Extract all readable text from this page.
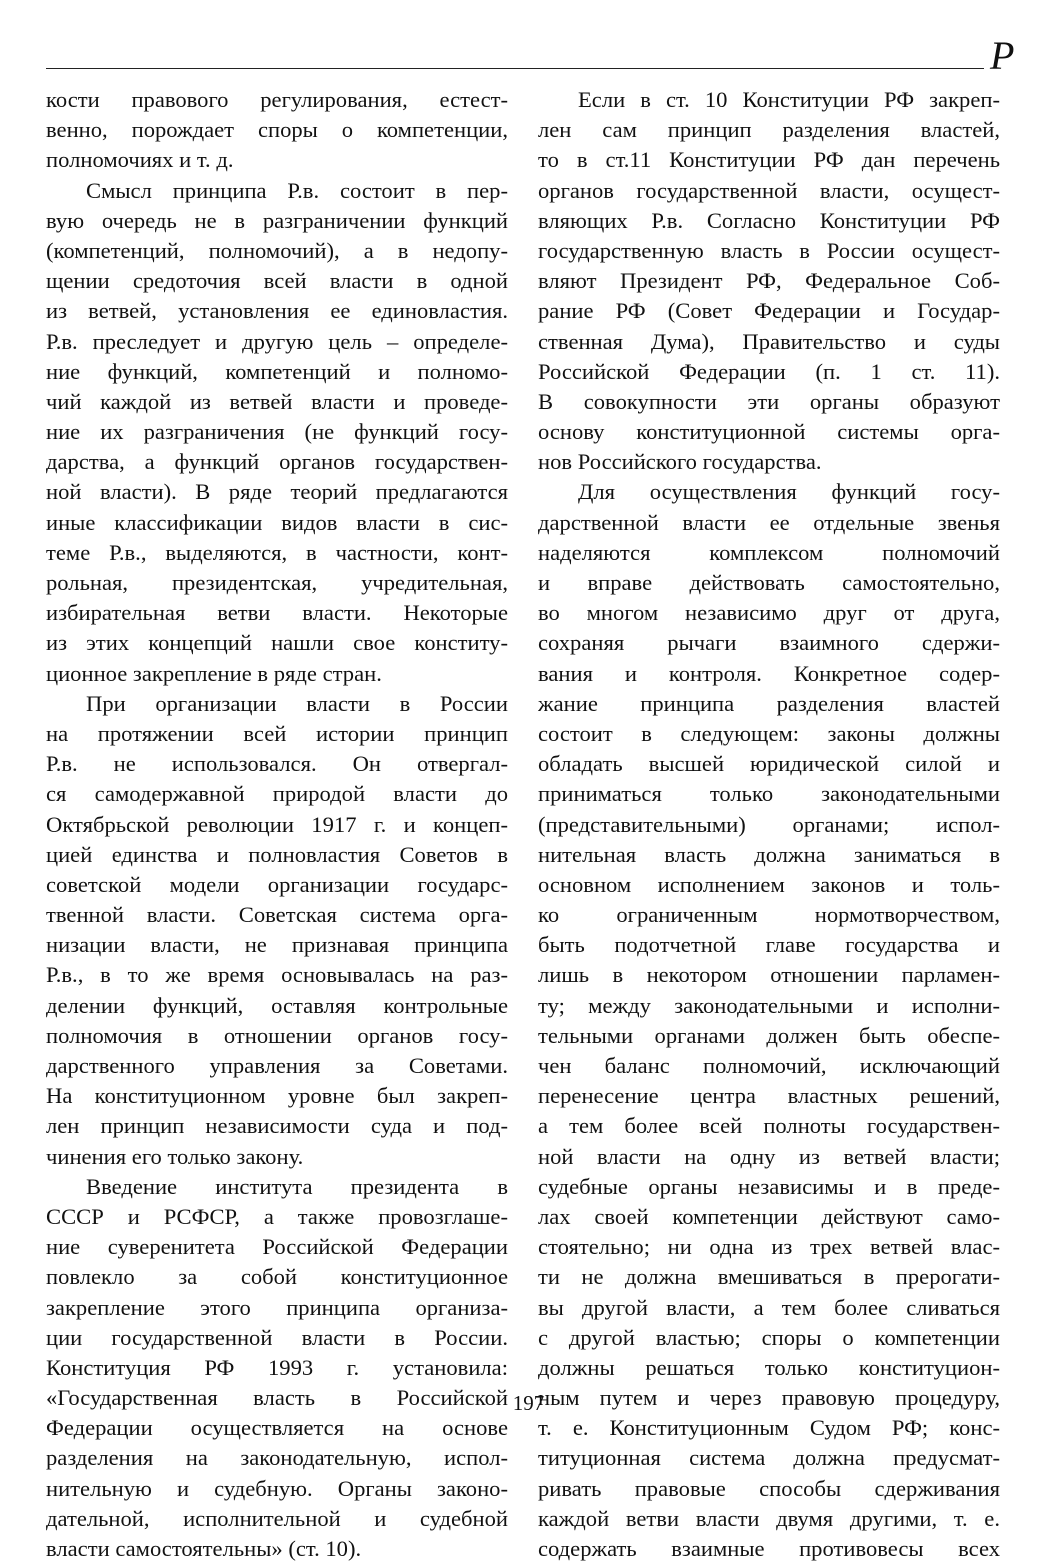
Р
кости правового регулирования, естест-
венно, порождает споры о компетенции,
полномочиях и т. д.
Смысл принципа Р.в. состоит в пер-
вую очередь не в разграничении функций
(компетенций, полномочий), а в недопу-
щении средоточия всей власти в одной
из ветвей, установления ее единовластия.
Р.в. преследует и другую цель – определе-
ние функций, компетенций и полномо-
чий каждой из ветвей власти и проведе-
ние их разграничения (не функций госу-
дарства, а функций органов государствен-
ной власти). В ряде теорий предлагаются
иные классификации видов власти в сис-
теме Р.в., выделяются, в частности, конт-
рольная, президентская, учредительная,
избирательная ветви власти. Некоторые
из этих концепций нашли свое конститу-
ционное закрепление в ряде стран.
При организации власти в России
на протяжении всей истории принцип
Р.в. не использовался. Он отвергал-
ся самодержавной природой власти до
Октябрьской революции 1917 г. и концеп-
цией единства и полновластия Советов в
советской модели организации государс-
твенной власти. Советская система орга-
низации власти, не признавая принципа
Р.в., в то же время основывалась на раз-
делении функций, оставляя контрольные
полномочия в отношении органов госу-
дарственного управления за Советами.
На конституционном уровне был закреп-
лен принцип независимости суда и под-
чинения его только закону.
Введение института президента в
СССР и РСФСР, а также провозглаше-
ние суверенитета Российской Федерации
повлекло за собой конституционное
закрепление этого принципа организа-
ции государственной власти в России.
Конституция РФ 1993 г. установила:
«Государственная власть в Российской
Федерации осуществляется на основе
разделения на законодательную, испол-
нительную и судебную. Органы законо-
дательной, исполнительной и судебной
власти самостоятельны» (ст. 10).
Если в ст. 10 Конституции РФ закреп-
лен сам принцип разделения властей,
то в ст.11 Конституции РФ дан перечень
органов государственной власти, осущест-
вляющих Р.в. Согласно Конституции РФ
государственную власть в России осущест-
вляют Президент РФ, Федеральное Соб-
рание РФ (Совет Федерации и Государ-
ственная Дума), Правительство и суды
Российской Федерации (п. 1 ст. 11).
В совокупности эти органы образуют
основу конституционной системы орга-
нов Российского государства.
Для осуществления функций госу-
дарственной власти ее отдельные звенья
наделяются комплексом полномочий
и вправе действовать самостоятельно,
во многом независимо друг от друга,
сохраняя рычаги взаимного сдержи-
вания и контроля. Конкретное содер-
жание принципа разделения властей
состоит в следующем: законы должны
обладать высшей юридической силой и
приниматься только законодательными
(представительными) органами; испол-
нительная власть должна заниматься в
основном исполнением законов и толь-
ко ограниченным нормотворчеством,
быть подотчетной главе государства и
лишь в некотором отношении парламен-
ту; между законодательными и исполни-
тельными органами должен быть обеспе-
чен баланс полномочий, исключающий
перенесение центра властных решений,
а тем более всей полноты государствен-
ной власти на одну из ветвей власти;
судебные органы независимы и в преде-
лах своей компетенции действуют само-
стоятельно; ни одна из трех ветвей влас-
ти не должна вмешиваться в прерогати-
вы другой власти, а тем более сливаться
с другой властью; споры о компетенции
должны решаться только конституцион-
ным путем и через правовую процедуру,
т. е. Конституционным Судом РФ; конс-
титуционная система должна предусмат-
ривать правовые способы сдерживания
каждой ветви власти двумя другими, т. е.
содержать взаимные противовесы всех
197
